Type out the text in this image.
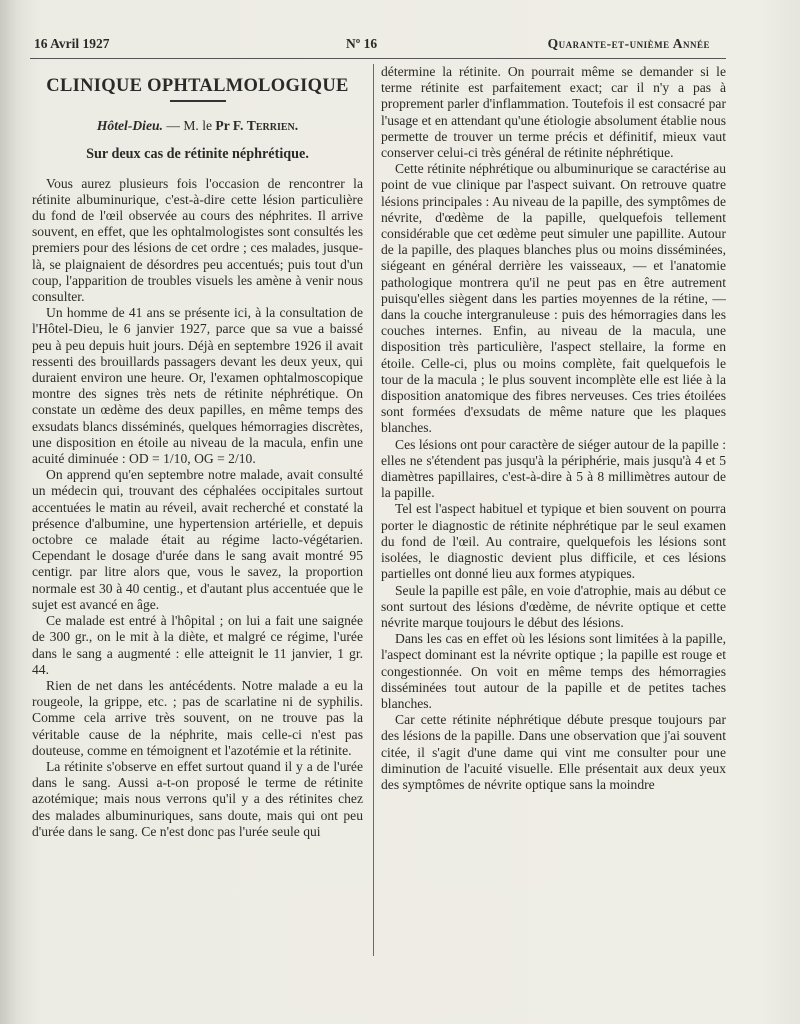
16 Avril 1927	Nº 16	Quarante-et-unième Année
CLINIQUE OPHTALMOLOGIQUE
Hôtel-Dieu. — M. le Pr F. Terrien.
Sur deux cas de rétinite néphrétique.

Vous aurez plusieurs fois l'occasion de rencontrer la rétinite albuminurique, c'est-à-dire cette lésion particulière du fond de l'œil observée au cours des néphrites. Il arrive souvent, en effet, que les ophtalmologistes sont consultés les premiers pour des lésions de cet ordre ; ces malades, jusque-là, se plaignaient de désordres peu accentués; puis tout d'un coup, l'apparition de troubles visuels les amène à venir nous consulter.

Un homme de 41 ans se présente ici, à la consultation de l'Hôtel-Dieu, le 6 janvier 1927, parce que sa vue a baissé peu à peu depuis huit jours. Déjà en septembre 1926 il avait ressenti des brouillards passagers devant les deux yeux, qui duraient environ une heure. Or, l'examen ophtalmoscopique montre des signes très nets de rétinite néphrétique. On constate un œdème des deux papilles, en même temps des exsudats blancs disséminés, quelques hémorragies discrètes, une disposition en étoile au niveau de la macula, enfin une acuité diminuée : OD = 1/10, OG = 2/10.

On apprend qu'en septembre notre malade, avait consulté un médecin qui, trouvant des céphalées occipitales surtout accentuées le matin au réveil, avait recherché et constaté la présence d'albumine, une hypertension artérielle, et depuis octobre ce malade était au régime lacto-végétarien. Cependant le dosage d'urée dans le sang avait montré 95 centigr. par litre alors que, vous le savez, la proportion normale est 30 à 40 centig., et d'autant plus accentuée que le sujet est avancé en âge.

Ce malade est entré à l'hôpital ; on lui a fait une saignée de 300 gr., on le mit à la diète, et malgré ce régime, l'urée dans le sang a augmenté : elle atteignit le 11 janvier, 1 gr. 44.

Rien de net dans les antécédents. Notre malade a eu la rougeole, la grippe, etc. ; pas de scarlatine ni de syphilis. Comme cela arrive très souvent, on ne trouve pas la véritable cause de la néphrite, mais celle-ci n'est pas douteuse, comme en témoignent et l'azotémie et la rétinite.

La rétinite s'observe en effet surtout quand il y a de l'urée dans le sang. Aussi a-t-on proposé le terme de rétinite azotémique; mais nous verrons qu'il y a des rétinites chez des malades albuminuriques, sans doute, mais qui ont peu d'urée dans le sang. Ce n'est donc pas l'urée seule qui

détermine la rétinite. On pourrait même se demander si le terme rétinite est parfaitement exact; car il n'y a pas à proprement parler d'inflammation. Toutefois il est consacré par l'usage et en attendant qu'une étiologie absolument établie nous permette de trouver un terme précis et définitif, mieux vaut conserver celui-ci très général de rétinite néphrétique.

Cette rétinite néphrétique ou albuminurique se caractérise au point de vue clinique par l'aspect suivant. On retrouve quatre lésions principales : Au niveau de la papille, des symptômes de névrite, d'œdème de la papille, quelquefois tellement considérable que cet œdème peut simuler une papillite. Autour de la papille, des plaques blanches plus ou moins disséminées, siégeant en général derrière les vaisseaux, — et l'anatomie pathologique montrera qu'il ne peut pas en être autrement puisqu'elles siègent dans les parties moyennes de la rétine, — dans la couche intergranuleuse : puis des hémorragies dans les couches internes. Enfin, au niveau de la macula, une disposition très particulière, l'aspect stellaire, la forme en étoile. Celle-ci, plus ou moins complète, fait quelquefois le tour de la macula ; le plus souvent incomplète elle est liée à la disposition anatomique des fibres nerveuses. Ces tries étoilées sont formées d'exsudats de même nature que les plaques blanches.

Ces lésions ont pour caractère de siéger autour de la papille : elles ne s'étendent pas jusqu'à la périphérie, mais jusqu'à 4 et 5 diamètres papillaires, c'est-à-dire à 5 à 8 millimètres autour de la papille.

Tel est l'aspect habituel et typique et bien souvent on pourra porter le diagnostic de rétinite néphrétique par le seul examen du fond de l'œil. Au contraire, quelquefois les lésions sont isolées, le diagnostic devient plus difficile, et ces lésions partielles ont donné lieu aux formes atypiques.

Seule la papille est pâle, en voie d'atrophie, mais au début ce sont surtout des lésions d'œdème, de névrite optique et cette névrite marque toujours le début des lésions.

Dans les cas en effet où les lésions sont limitées à la papille, l'aspect dominant est la névrite optique ; la papille est rouge et congestionnée. On voit en même temps des hémorragies disséminées tout autour de la papille et de petites taches blanches.

Car cette rétinite néphrétique débute presque toujours par des lésions de la papille. Dans une observation que j'ai souvent citée, il s'agit d'une dame qui vint me consulter pour une diminution de l'acuité visuelle. Elle présentait aux deux yeux des symptômes de névrite optique sans la moindre
